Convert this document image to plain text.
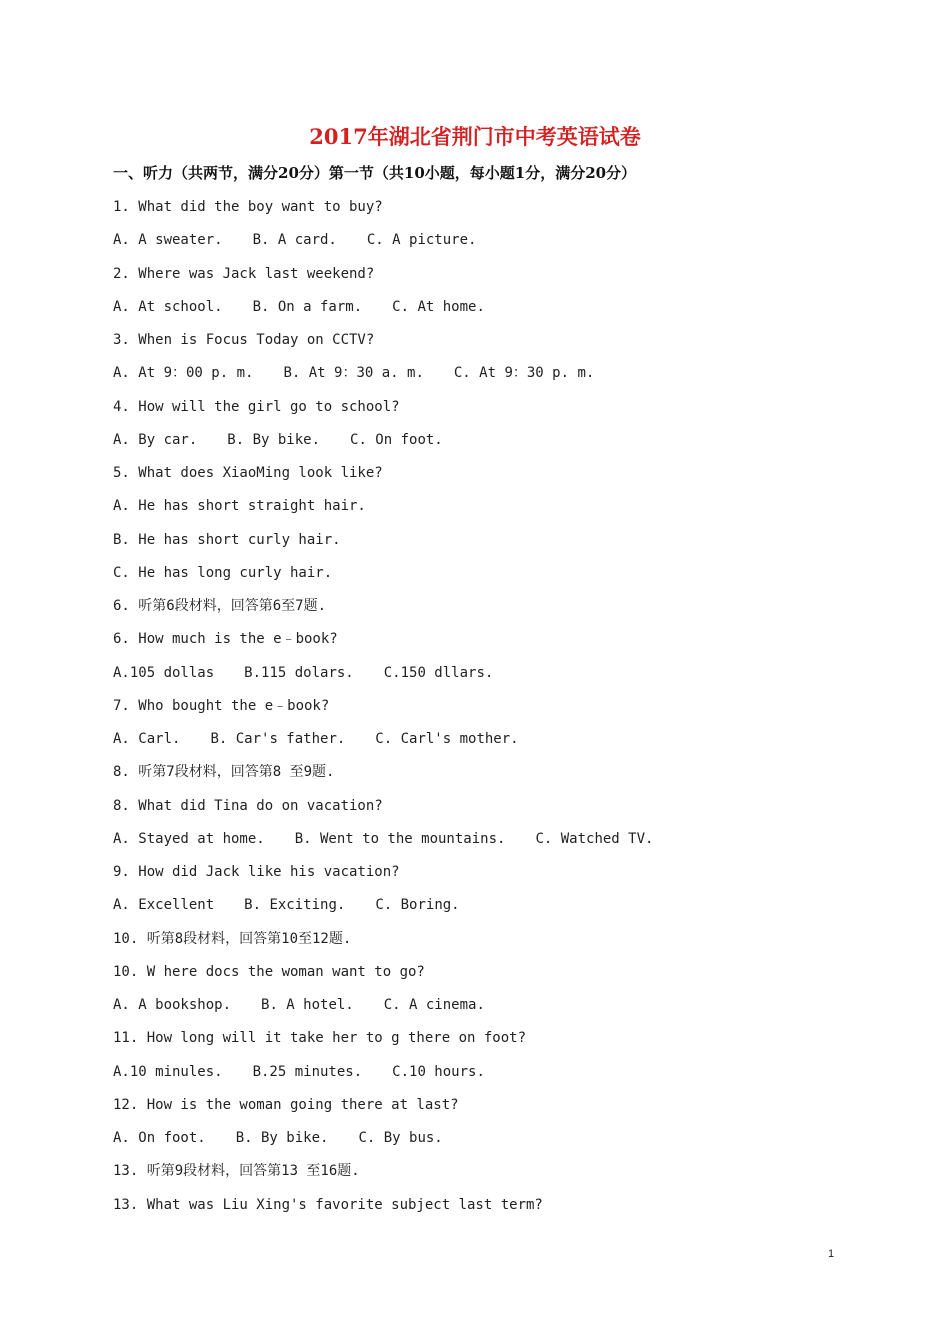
2017年湖北省荆门市中考英语试卷

一、听力（共两节，满分20分）第一节（共10小题，每小题1分，满分20分）

1. What did the boy want to buy?
A. A sweater. B. A card. C. A picture.
2. Where was Jack last weekend?
A. At school. B. On a farm. C. At home.
3. When is Focus Today on CCTV?
A. At 9：00 p. m. B. At 9：30 a. m. C. At 9：30 p. m.
4. How will the girl go to school?
A. By car. B. By bike. C. On foot.
5. What does XiaoMing look like?
A. He has short straight hair.
B. He has short curly hair.
C. He has long curly hair.
6. 听第6段材料，回答第6至7题.
6. How much is the e﹣book?
A.105 dollas B.115 dolars. C.150 dllars.
7. Who bought the e﹣book?
A. Carl. B. Car's father. C. Carl's mother.
8. 听第7段材料，回答第8 至9题.
8. What did Tina do on vacation?
A. Stayed at home. B. Went to the mountains. C. Watched TV.
9. How did Jack like his vacation?
A. Excellent B. Exciting. C. Boring.
10. 听第8段材料，回答第10至12题.
10. W here docs the woman want to go?
A. A bookshop. B. A hotel. C. A cinema.
11. How long will it take her to g there on foot?
A.10 minules. B.25 minutes. C.10 hours.
12. How is the woman going there at last?
A. On foot. B. By bike. C. By bus.
13. 听第9段材料，回答第13 至16题.
13. What was Liu Xing's favorite subject last term?
1
